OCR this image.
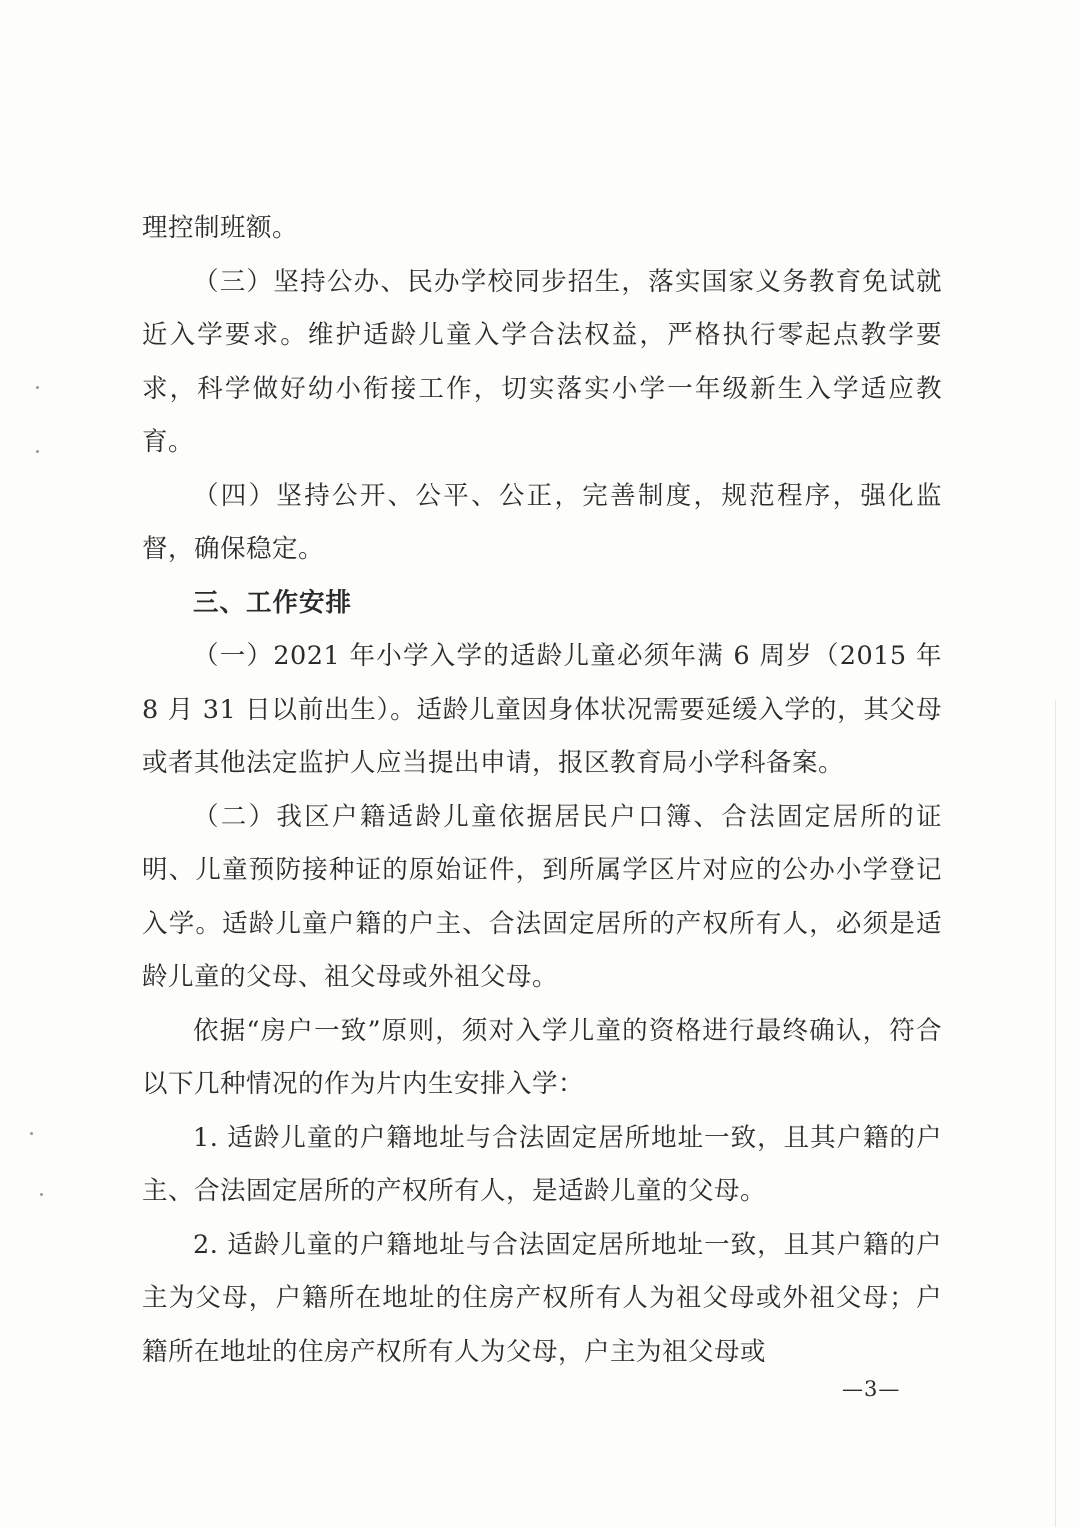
理控制班额。

（三）坚持公办、民办学校同步招生，落实国家义务教育免试就近入学要求。维护适龄儿童入学合法权益，严格执行零起点教学要求，科学做好幼小衔接工作，切实落实小学一年级新生入学适应教育。

（四）坚持公开、公平、公正，完善制度，规范程序，强化监督，确保稳定。

三、工作安排

（一）2021 年小学入学的适龄儿童必须年满 6 周岁（2015 年 8 月 31 日以前出生）。适龄儿童因身体状况需要延缓入学的，其父母或者其他法定监护人应当提出申请，报区教育局小学科备案。

（二）我区户籍适龄儿童依据居民户口簿、合法固定居所的证明、儿童预防接种证的原始证件，到所属学区片对应的公办小学登记入学。适龄儿童户籍的户主、合法固定居所的产权所有人，必须是适龄儿童的父母、祖父母或外祖父母。

依据“房户一致”原则，须对入学儿童的资格进行最终确认，符合以下几种情况的作为片内生安排入学：

1. 适龄儿童的户籍地址与合法固定居所地址一致，且其户籍的户主、合法固定居所的产权所有人，是适龄儿童的父母。

2. 适龄儿童的户籍地址与合法固定居所地址一致，且其户籍的户主为父母，户籍所在地址的住房产权所有人为祖父母或外祖父母；户籍所在地址的住房产权所有人为父母，户主为祖父母或

—3—
